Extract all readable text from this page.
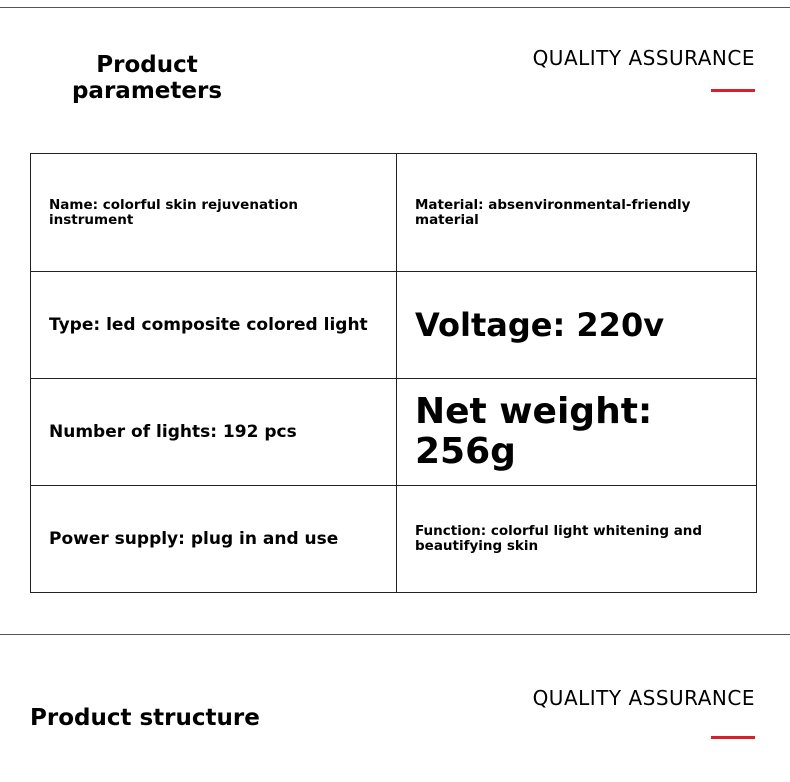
Product parameters
QUALITY ASSURANCE
Name: colorful skin rejuvenation instrument	Material: absenvironmental-friendly material
Type: led composite colored light	Voltage: 220v
Number of lights: 192 pcs	Net weight: 256g
Power supply: plug in and use	Function: colorful light whitening and beautifying skin
Product structure
QUALITY ASSURANCE
